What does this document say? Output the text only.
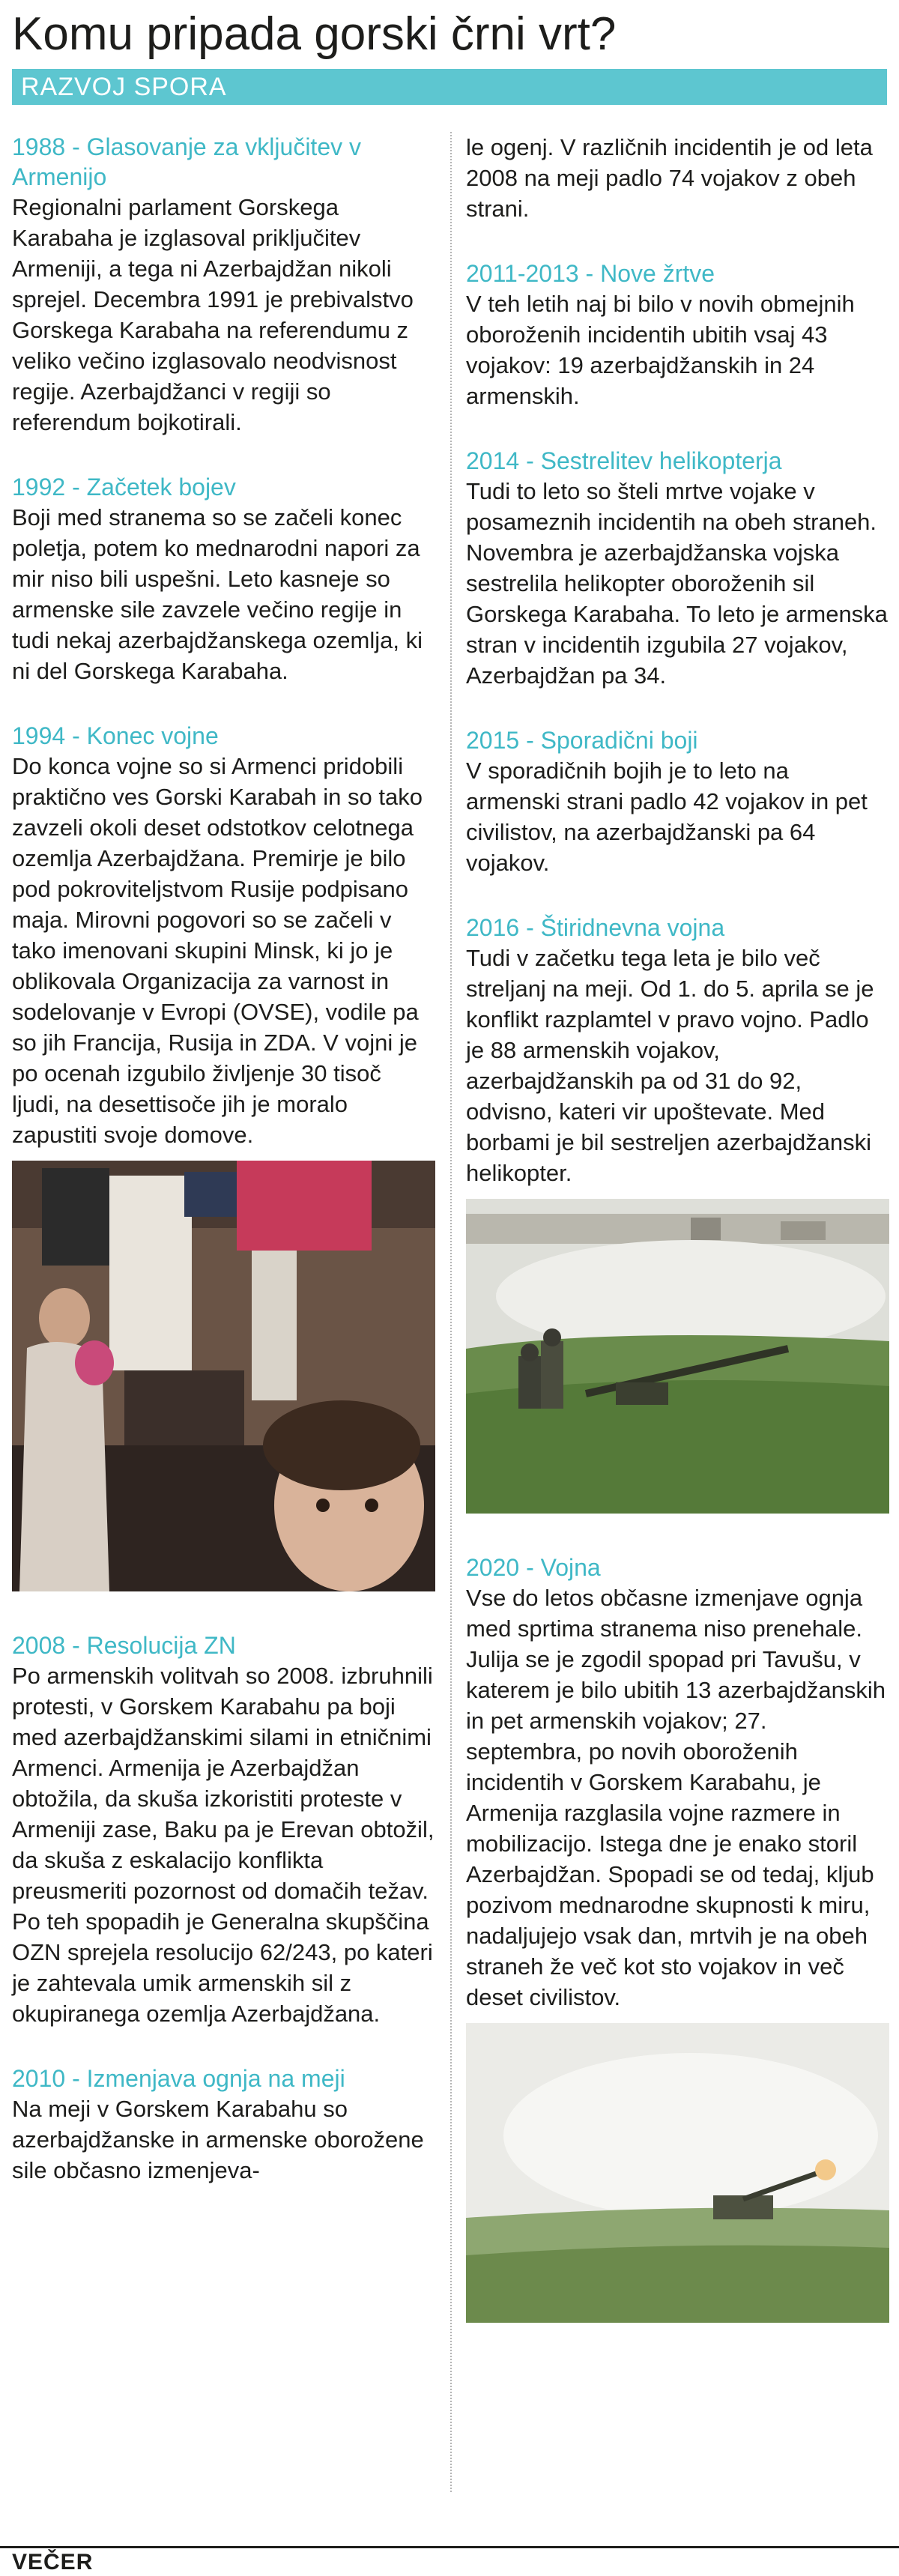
Komu pripada gorski črni vrt?
RAZVOJ SPORA
1988 - Glasovanje za vključitev v Armenijo
Regionalni parlament Gorskega Karabaha je izglasoval priključitev Armeniji, a tega ni Azerbajdžan nikoli sprejel. Decembra 1991 je prebivalstvo Gorskega Karabaha na referendumu z veliko večino izglasovalo neodvisnost regije. Azerbajdžanci v regiji so referendum bojkotirali.
1992 - Začetek bojev
Boji med stranema so se začeli konec poletja, potem ko mednarodni napori za mir niso bili uspešni. Leto kasneje so armenske sile zavzele večino regije in tudi nekaj azerbajdžanskega ozemlja, ki ni del Gorskega Karabaha.
1994 - Konec vojne
Do konca vojne so si Armenci pridobili praktično ves Gorski Karabah in so tako zavzeli okoli deset odstotkov celotnega ozemlja Azerbajdžana. Premirje je bilo pod pokroviteljstvom Rusije podpisano maja. Mirovni pogovori so se začeli v tako imenovani skupini Minsk, ki jo je oblikovala Organizacija za varnost in sodelovanje v Evropi (OVSE), vodile pa so jih Francija, Rusija in ZDA. V vojni je po ocenah izgubilo življenje 30 tisoč ljudi, na desettisoče jih je moralo zapustiti svoje domove.
2008 - Resolucija ZN
Po armenskih volitvah so 2008. izbruhnili protesti, v Gorskem Karabahu pa boji med azerbajdžanskimi silami in etničnimi Armenci. Armenija je Azerbajdžan obtožila, da skuša izkoristiti proteste v Armeniji zase, Baku pa je Erevan obtožil, da skuša z eskalacijo konflikta preusmeriti pozornost od domačih težav. Po teh spopadih je Generalna skupščina OZN sprejela resolucijo 62/243, po kateri je zahtevala umik armenskih sil z okupiranega ozemlja Azerbajdžana.
2010 - Izmenjava ognja na meji
Na meji v Gorskem Karabahu so azerbajdžanske in armenske oborožene sile občasno izmenjeva-
le ogenj. V različnih incidentih je od leta 2008 na meji padlo 74 vojakov z obeh strani.
2011-2013 - Nove žrtve
V teh letih naj bi bilo v novih obmejnih oboroženih incidentih ubitih vsaj 43 vojakov: 19 azerbajdžanskih in 24 armenskih.
2014 - Sestrelitev helikopterja
Tudi to leto so šteli mrtve vojake v posameznih incidentih na obeh straneh. Novembra je azerbajdžanska vojska sestrelila helikopter oboroženih sil Gorskega Karabaha. To leto je armenska stran v incidentih izgubila 27 vojakov, Azerbajdžan pa 34.
2015 - Sporadični boji
V sporadičnih bojih je to leto na armenski strani padlo 42 vojakov in pet civilistov, na azerbajdžanski pa 64 vojakov.
2016 - Štiridnevna vojna
Tudi v začetku tega leta je bilo več streljanj na meji. Od 1. do 5. aprila se je konflikt razplamtel v pravo vojno. Padlo je 88 armenskih vojakov, azerbajdžanskih pa od 31 do 92, odvisno, kateri vir upoštevate. Med borbami je bil sestreljen azerbajdžanski helikopter.
2020 - Vojna
Vse do letos občasne izmenjave ognja med sprtima stranema niso prenehale. Julija se je zgodil spopad pri Tavušu, v katerem je bilo ubitih 13 azerbajdžanskih in pet armenskih vojakov; 27. septembra, po novih oboroženih incidentih v Gorskem Karabahu, je Armenija razglasila vojne razmere in mobilizacijo. Istega dne je enako storil Azerbajdžan. Spopadi se od tedaj, kljub pozivom mednarodne skupnosti k miru, nadaljujejo vsak dan, mrtvih je na obeh straneh že več kot sto vojakov in več deset civilistov.
VEČER
